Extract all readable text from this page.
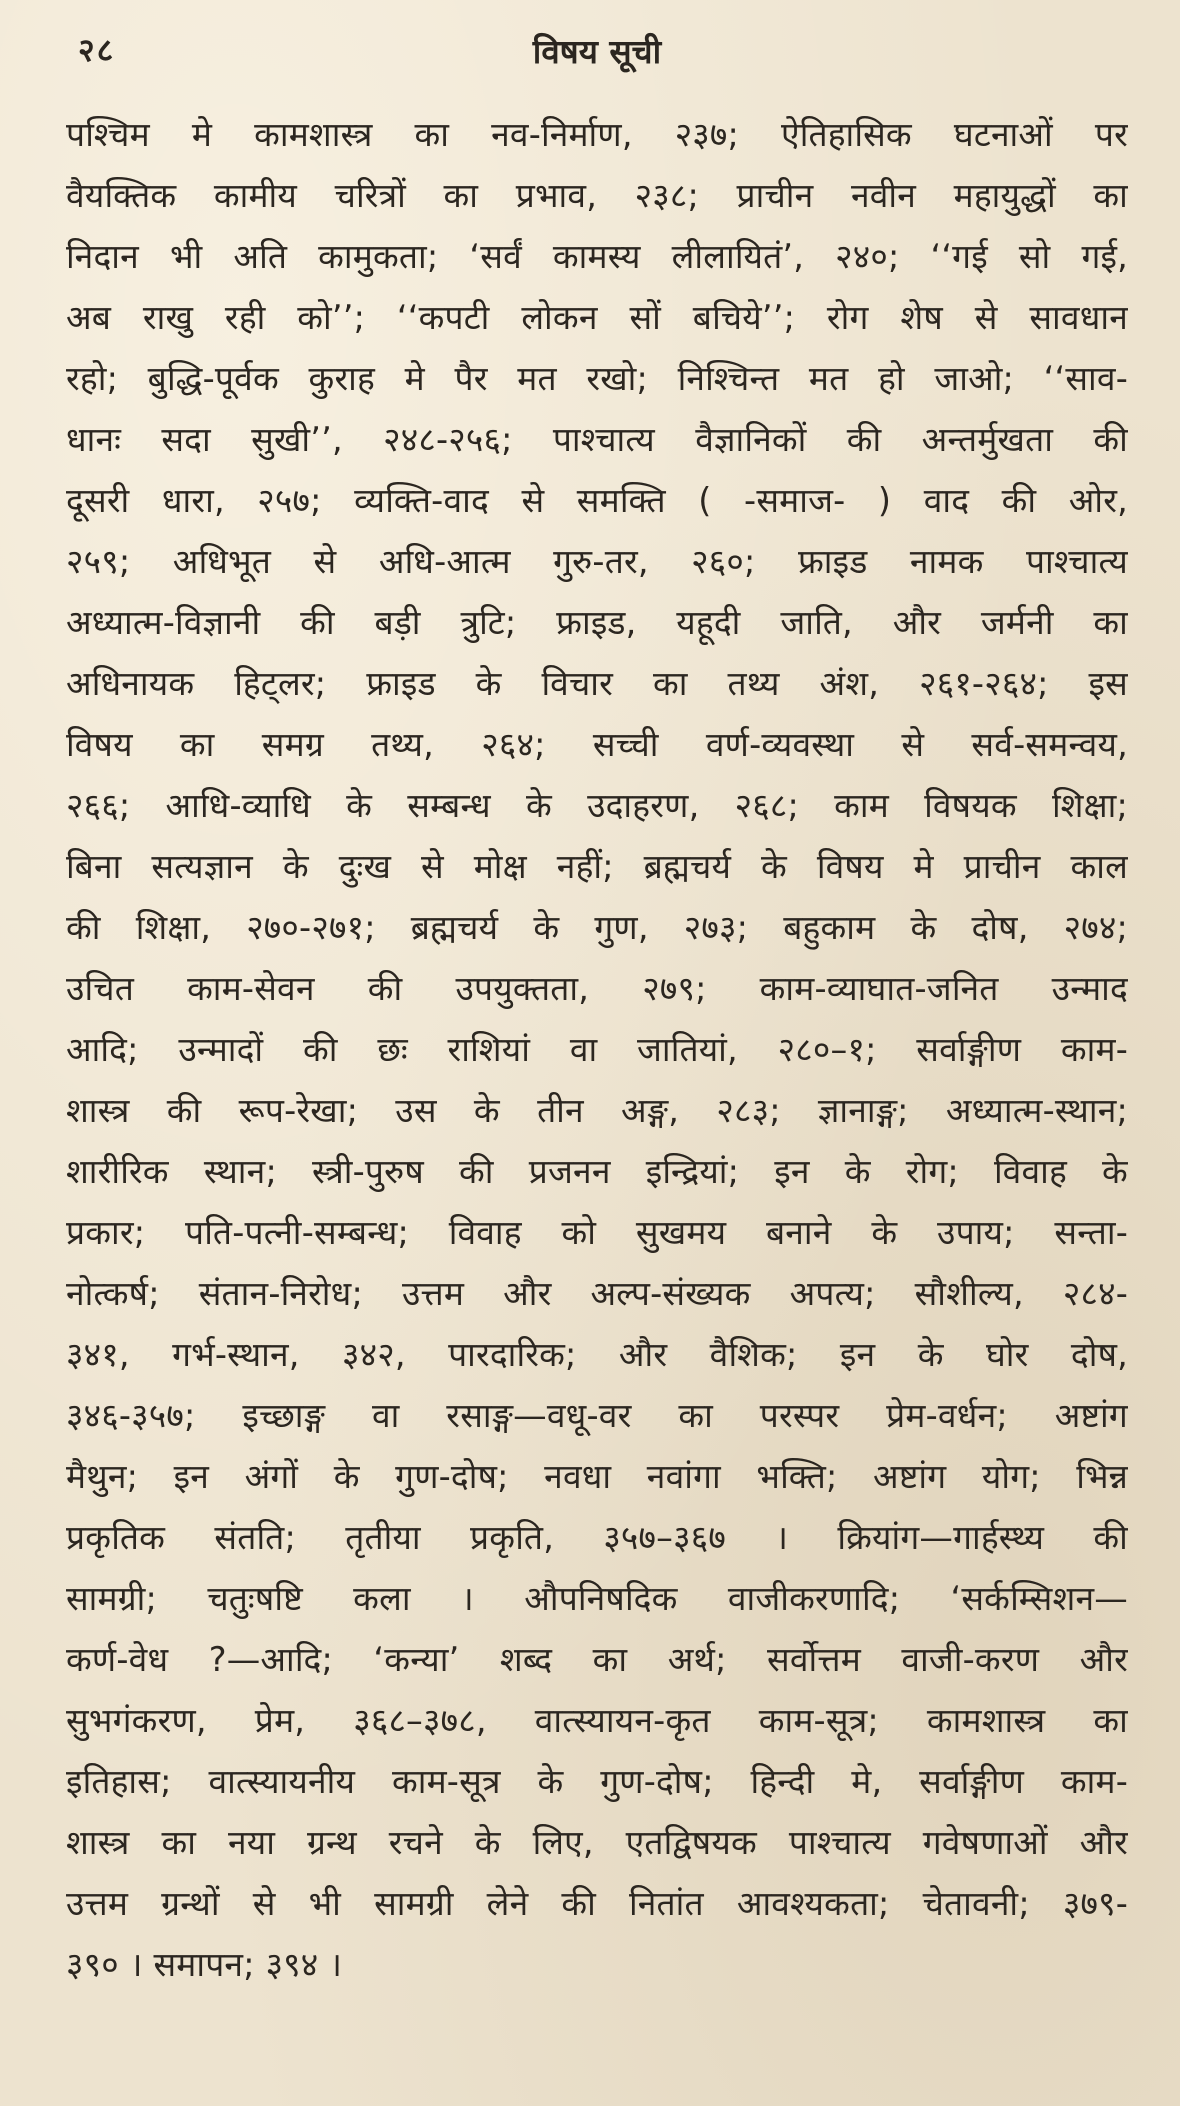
२८	विषय सूची
पश्चिम मे कामशास्त्र का नव-निर्माण, २३७; ऐतिहासिक घटनाओं पर
वैयक्तिक कामीय चरित्रों का प्रभाव, २३८; प्राचीन नवीन महायुद्धों का
निदान भी अति कामुकता; ‘सर्वं कामस्य लीलायितं’, २४०; ‘‘गई सो गई,
अब राखु रही को’’; ‘‘कपटी लोकन सों बचिये’’; रोग शेष से सावधान
रहो; बुद्धि-पूर्वक कुराह मे पैर मत रखो; निश्चिन्त मत हो जाओ; ‘‘साव-
धानः सदा सुखी’’, २४८-२५६; पाश्चात्य वैज्ञानिकों की अन्तर्मुखता की
दूसरी धारा, २५७; व्यक्ति-वाद से समक्ति ( -समाज- ) वाद की ओर,
२५९; अधिभूत से अधि-आत्म गुरु-तर, २६०; फ्राइड नामक पाश्चात्य
अध्यात्म-विज्ञानी की बड़ी त्रुटि; फ्राइड, यहूदी जाति, और जर्मनी का
अधिनायक हिट्लर; फ्राइड के विचार का तथ्य अंश, २६१-२६४; इस
विषय का समग्र तथ्य, २६४; सच्ची वर्ण-व्यवस्था से सर्व-समन्वय,
२६६; आधि-व्याधि के सम्बन्ध के उदाहरण, २६८; काम विषयक शिक्षा;
बिना सत्यज्ञान के दुःख से मोक्ष नहीं; ब्रह्मचर्य के विषय मे प्राचीन काल
की शिक्षा, २७०-२७१; ब्रह्मचर्य के गुण, २७३; बहुकाम के दोष, २७४;
उचित काम-सेवन की उपयुक्तता, २७९; काम-व्याघात-जनित उन्माद
आदि; उन्मादों की छः राशियां वा जातियां, २८०–१; सर्वाङ्गीण काम-
शास्त्र की रूप-रेखा; उस के तीन अङ्ग, २८३; ज्ञानाङ्ग; अध्यात्म-स्थान;
शारीरिक स्थान; स्त्री-पुरुष की प्रजनन इन्द्रियां; इन के रोग; विवाह के
प्रकार; पति-पत्नी-सम्बन्ध; विवाह को सुखमय बनाने के उपाय; सन्ता-
नोत्कर्ष; संतान-निरोध; उत्तम और अल्प-संख्यक अपत्य; सौशील्य, २८४-
३४१, गर्भ-स्थान, ३४२, पारदारिक; और वैशिक; इन के घोर दोष,
३४६-३५७; इच्छाङ्ग वा रसाङ्ग—वधू-वर का परस्पर प्रेम-वर्धन; अष्टांग
मैथुन; इन अंगों के गुण-दोष; नवधा नवांगा भक्ति; अष्टांग योग; भिन्न
प्रकृतिक संतति; तृतीया प्रकृति, ३५७–३६७ । क्रियांग—गार्हस्थ्य की
सामग्री; चतुःषष्टि कला । औपनिषदिक वाजीकरणादि; ‘सर्कम्सिशन—
कर्ण-वेध ?—आदि; ‘कन्या’ शब्द का अर्थ; सर्वोत्तम वाजी-करण और
सुभगंकरण, प्रेम, ३६८–३७८, वात्स्यायन-कृत काम-सूत्र; कामशास्त्र का
इतिहास; वात्स्यायनीय काम-सूत्र के गुण-दोष; हिन्दी मे, सर्वाङ्गीण काम-
शास्त्र का नया ग्रन्थ रचने के लिए, एतद्विषयक पाश्चात्य गवेषणाओं और
उत्तम ग्रन्थों से भी सामग्री लेने की नितांत आवश्यकता; चेतावनी; ३७९-
३९० । समापन; ३९४ ।
